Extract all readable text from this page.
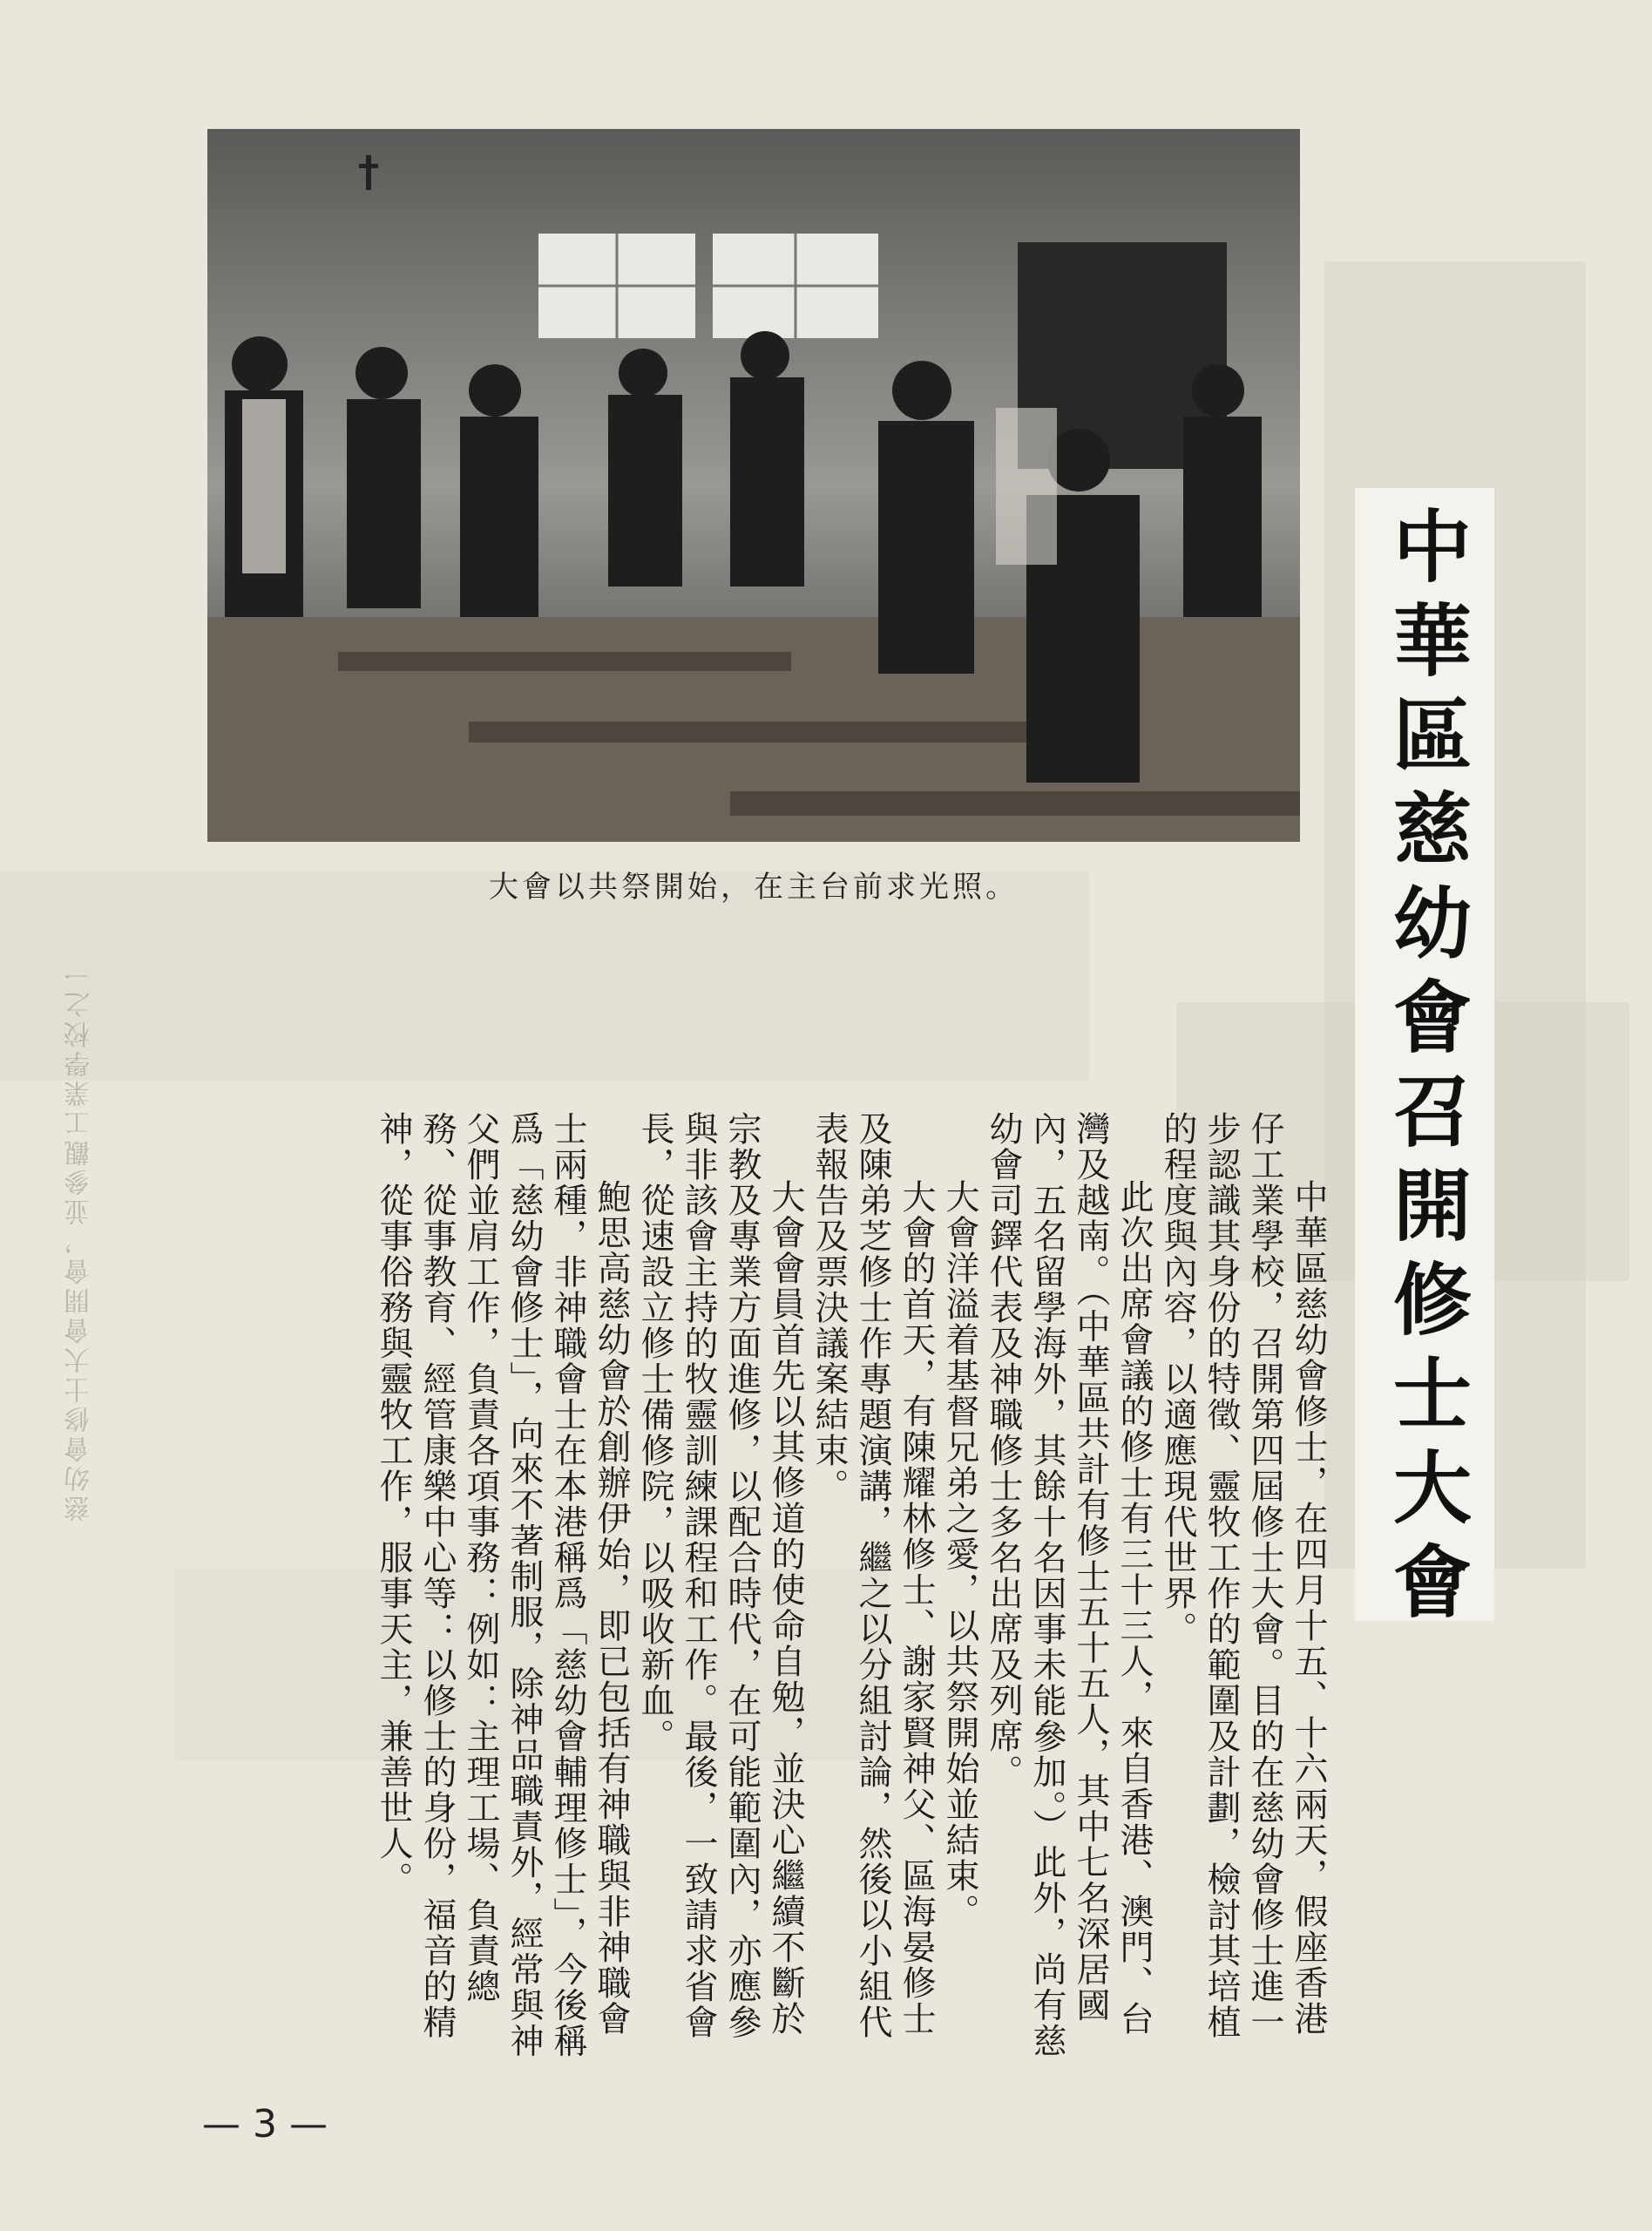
慈幼會修士大會開會，並參觀工業學校之一
大會以共祭開始，在主台前求光照。	中華區慈幼會召開修士大會

中華區慈幼會修士，在四月十五、十六兩天，假座香港仔工業學校，召開第四屆修士大會。目的在慈幼會修士進一步認識其身份的特徵、靈牧工作的範圍及計劃，檢討其培植的程度與內容，以適應現代世界。

此次出席會議的修士有三十三人，來自香港、澳門、台灣及越南。（中華區共計有修士五十五人，其中七名深居國內，五名留學海外，其餘十名因事未能參加。）此外，尚有慈幼會司鐸代表及神職修士多名出席及列席。

大會洋溢着基督兄弟之愛，以共祭開始並結束。

大會的首天，有陳耀林修士、謝家賢神父、區海晏修士及陳弟芝修士作專題演講，繼之以分組討論，然後以小組代表報告及票決議案結束。

大會會員首先以其修道的使命自勉，並決心繼續不斷於宗教及專業方面進修，以配合時代，在可能範圍內，亦應參與非該會主持的牧靈訓練課程和工作。最後，一致請求省會長，從速設立修士備修院，以吸收新血。

鮑思高慈幼會於創辦伊始，即已包括有神職與非神職會士兩種，非神職會士在本港稱爲「慈幼會輔理修士」，今後稱爲「慈幼會修士」，向來不著制服，除神品職責外，經常與神父們並肩工作，負責各項事務：例如：主理工場、負責總務、從事教育、經管康樂中心等：以修士的身份，福音的精神，從事俗務與靈牧工作，服事天主，兼善世人。

— 3 —
